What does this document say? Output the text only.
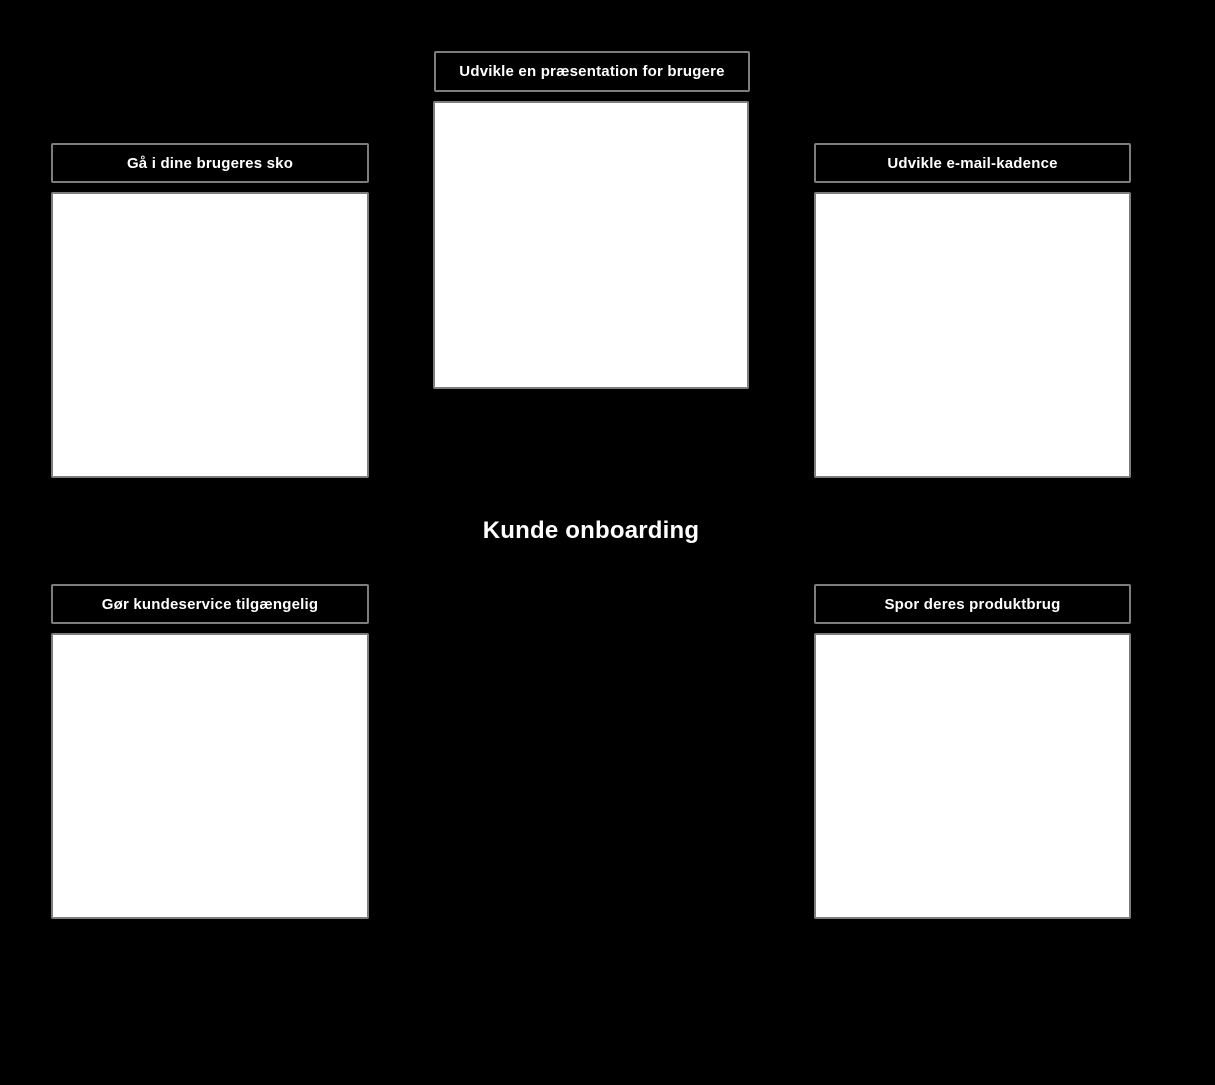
Udvikle en præsentation for brugere
Gå i dine brugeres sko	Udvikle e-mail-kadence
Kunde onboarding
Gør kundeservice tilgængelig	Spor deres produktbrug
